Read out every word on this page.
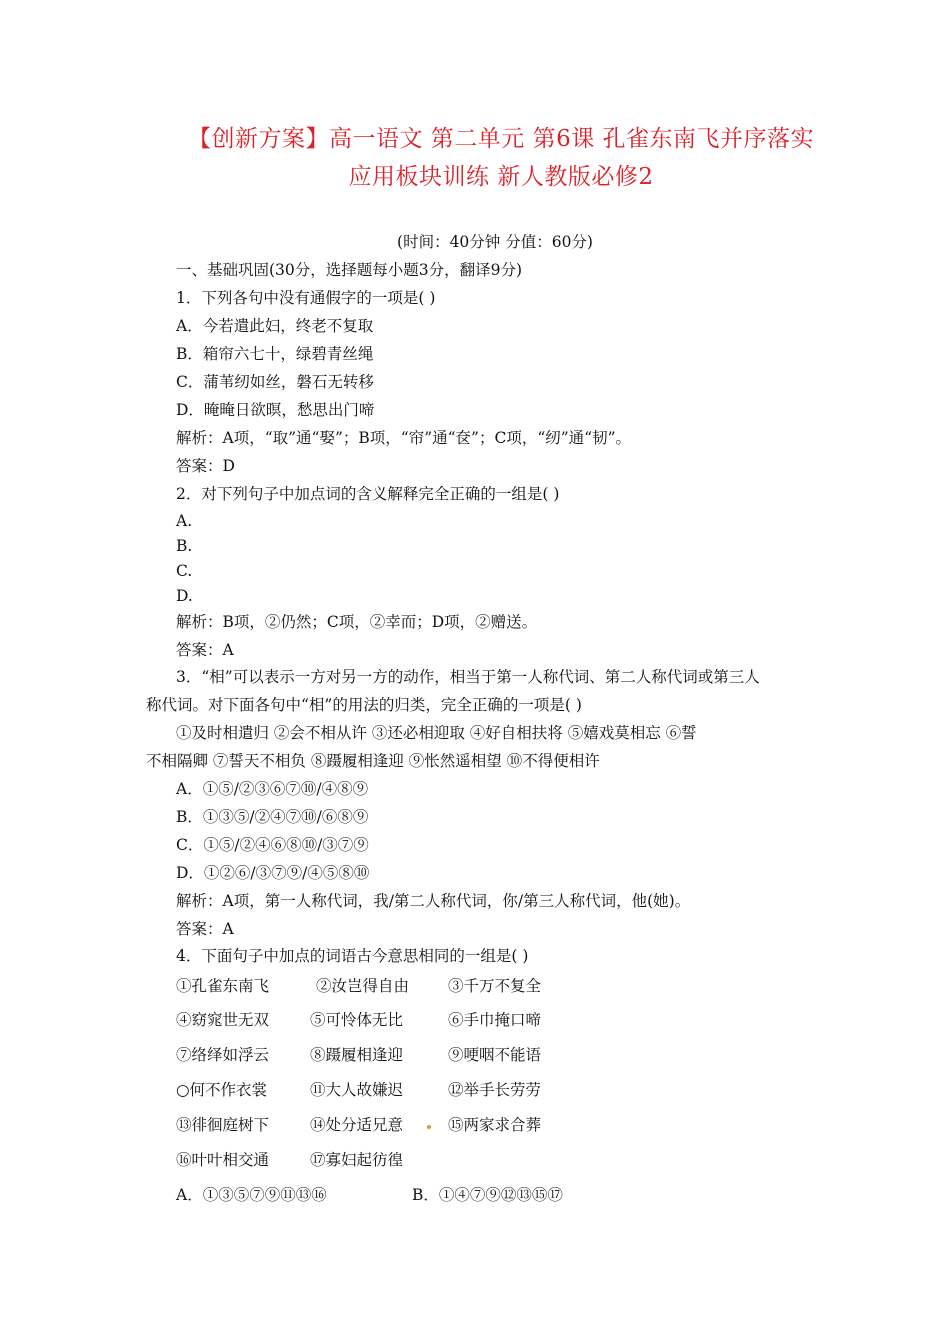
【创新方案】高一语文 第二单元 第6课 孔雀东南飞并序落实
应用板块训练 新人教版必修2
(时间：40分钟 分值：60分)
一、基础巩固(30分，选择题每小题3分，翻译9分)
1．下列各句中没有通假字的一项是( )
A．今若遣此妇，终老不复取
B．箱帘六七十，绿碧青丝绳
C．蒲苇纫如丝，磐石无转移
D．晻晻日欲暝，愁思出门啼
解析：A项，“取”通“娶”；B项，“帘”通“奁”；C项，“纫”通“韧”。
答案：D
2．对下列句子中加点词的含义解释完全正确的一组是( )
A.
B.
C.
D.
解析：B项，②仍然；C项，②幸而；D项，②赠送。
答案：A
3．“相”可以表示一方对另一方的动作，相当于第一人称代词、第二人称代词或第三人
称代词。对下面各句中“相”的用法的归类，完全正确的一项是( )
①及时相遣归 ②会不相从许 ③还必相迎取 ④好自相扶将 ⑤嬉戏莫相忘 ⑥誓
不相隔卿 ⑦誓天不相负 ⑧蹑履相逢迎 ⑨怅然遥相望 ⑩不得便相许
A．①⑤/②③⑥⑦⑩/④⑧⑨
B．①③⑤/②④⑦⑩/⑥⑧⑨
C．①⑤/②④⑥⑧⑩/③⑦⑨
D．①②⑥/③⑦⑨/④⑤⑧⑩
解析：A项，第一人称代词，我/第二人称代词，你/第三人称代词，他(她)。
答案：A
4．下面句子中加点的词语古今意思相同的一组是( )
①孔雀东南飞	②汝岂得自由	③千万不复全
④窈窕世无双	⑤可怜体无比	⑥手巾掩口啼
⑦络绎如浮云	⑧蹑履相逢迎	⑨哽咽不能语
○何不作衣裳	⑪大人故嫌迟	⑫举手长劳劳
⑬徘徊庭树下	⑭处分适兄意	⑮两家求合葬
⑯叶叶相交通	⑰寡妇起彷徨
A．①③⑤⑦⑨⑪⑬⑯	B．①④⑦⑨⑫⑬⑮⑰
